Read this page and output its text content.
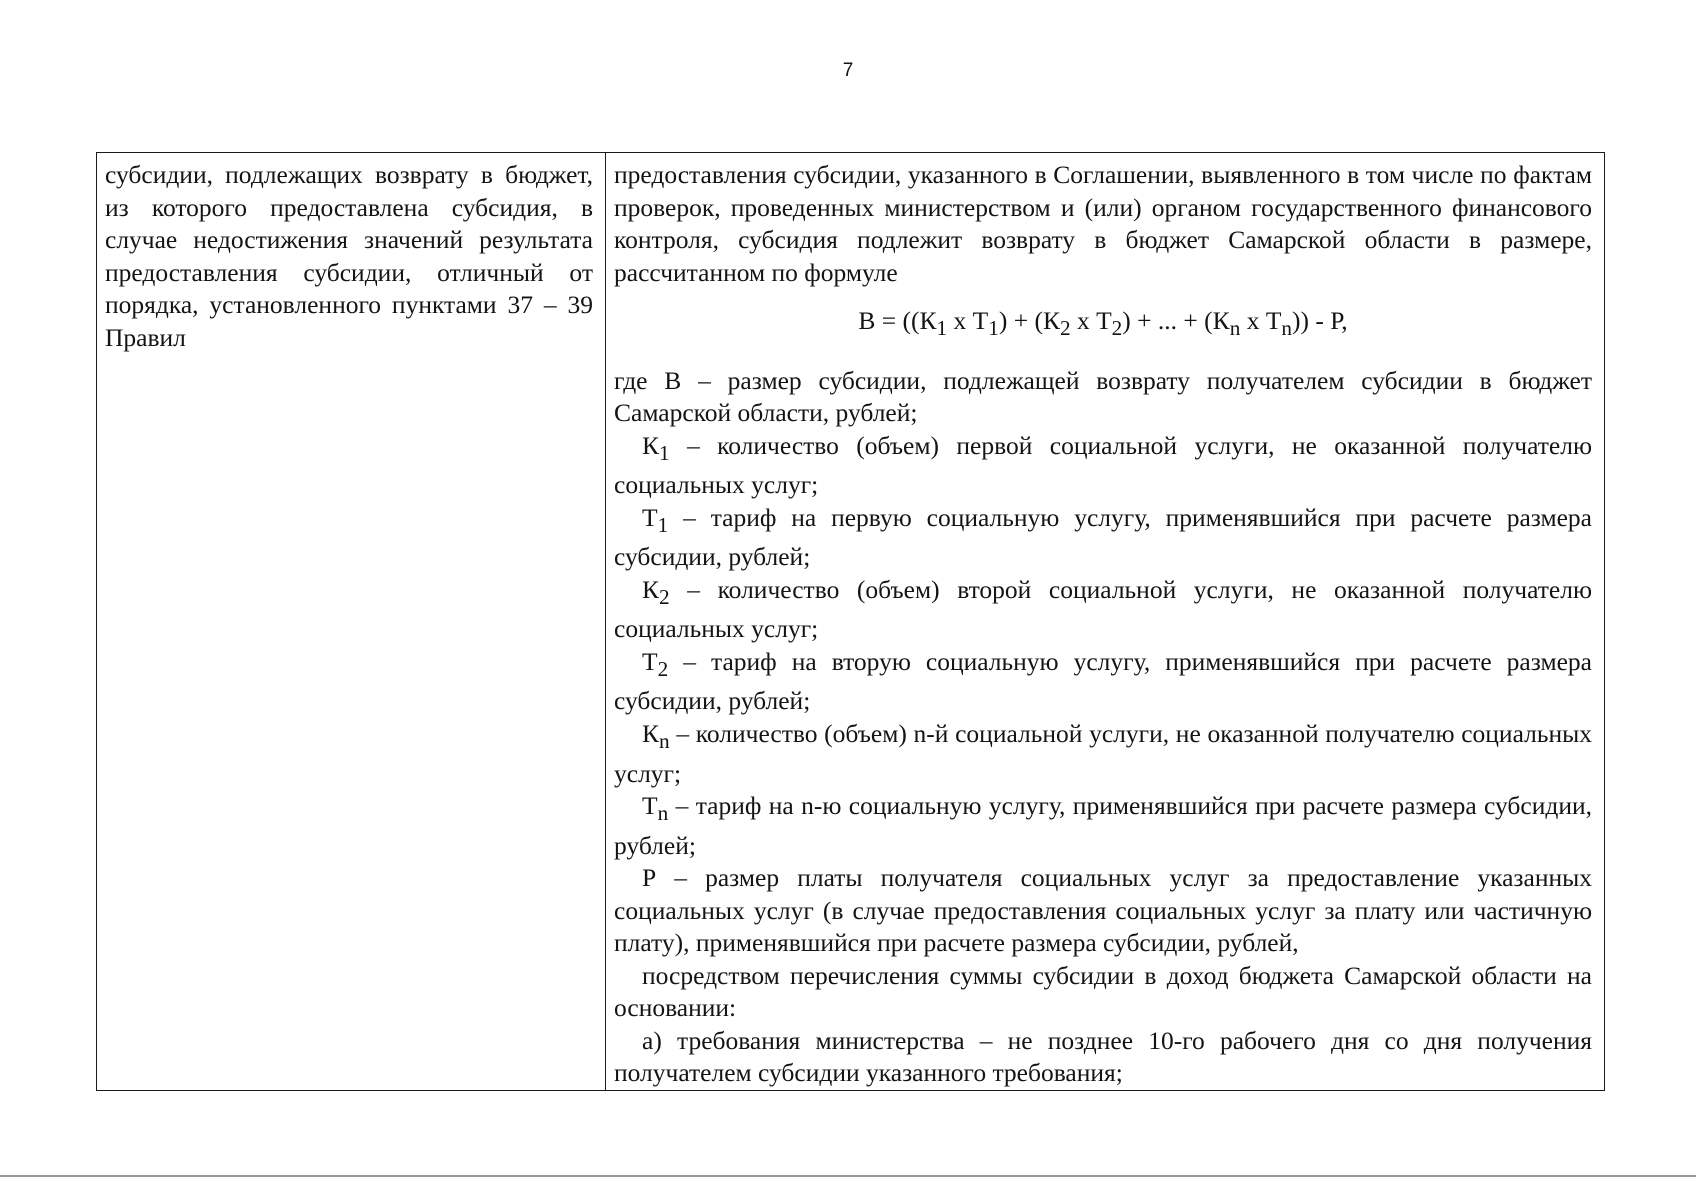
7
субсидии, подлежащих возврату в бюджет, из которого предоставлена субсидия, в случае недостижения значений результата предоставления субсидии, отличный от порядка, установленного пунктами 37 – 39 Правил

предоставления субсидии, указанного в Соглашении, выявленного в том числе по фактам проверок, проведенных министерством и (или) органом государственного финансового контроля, субсидия подлежит возврату в бюджет Самарской области в размере, рассчитанном по формуле

$В = ((К_1$ х $Т_1) + (К_2$ х $Т_2$) + ... + ($К_n$ х $Т_n$)) - Р,

где В – размер субсидии, подлежащей возврату получателем субсидии в бюджет Самарской области, рублей;

$К_1$ – количество (объем) первой социальной услуги, не оказанной получателю социальных услуг;

$Т_1$ – тариф на первую социальную услугу, применявшийся при расчете размера субсидии, рублей;

$К_2$ – количество (объем) второй социальной услуги, не оказанной получателю социальных услуг;

$Т_2$ – тариф на вторую социальную услугу, применявшийся при расчете размера субсидии, рублей;

$К_n$ – количество (объем) n-й социальной услуги, не оказанной получателю социальных услуг;

$Т_n$ – тариф на n-ю социальную услугу, применявшийся при расчете размера субсидии, рублей;

Р – размер платы получателя социальных услуг за предоставление указанных социальных услуг (в случае предоставления социальных услуг за плату или частичную плату), применявшийся при расчете размера субсидии, рублей,

посредством перечисления суммы субсидии в доход бюджета Самарской области на основании:

а) требования министерства – не позднее 10-го рабочего дня со дня получения получателем субсидии указанного требования;
